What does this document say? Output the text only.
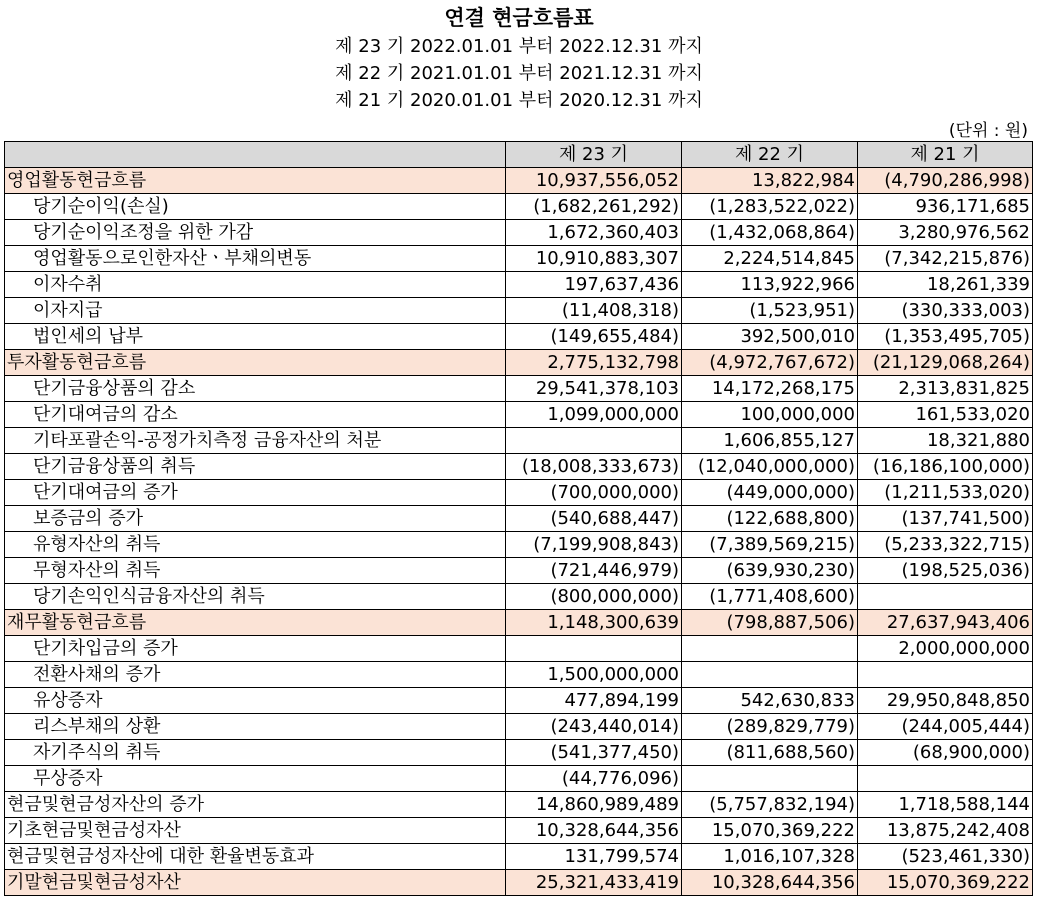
연결 현금흐름표
제 23 기 2022.01.01 부터 2022.12.31 까지
제 22 기 2021.01.01 부터 2021.12.31 까지
제 21 기 2020.01.01 부터 2020.12.31 까지
(단위 : 원)
	제 23 기	제 22 기	제 21 기
영업활동현금흐름	10,937,556,052	13,822,984	(4,790,286,998)
당기순이익(손실)	(1,682,261,292)	(1,283,522,022)	936,171,685
당기순이익조정을 위한 가감	1,672,360,403	(1,432,068,864)	3,280,976,562
영업활동으로인한자산ㆍ부채의변동	10,910,883,307	2,224,514,845	(7,342,215,876)
이자수취	197,637,436	113,922,966	18,261,339
이자지급	(11,408,318)	(1,523,951)	(330,333,003)
법인세의 납부	(149,655,484)	392,500,010	(1,353,495,705)
투자활동현금흐름	2,775,132,798	(4,972,767,672)	(21,129,068,264)
단기금융상품의 감소	29,541,378,103	14,172,268,175	2,313,831,825
단기대여금의 감소	1,099,000,000	100,000,000	161,533,020
기타포괄손익-공정가치측정 금융자산의 처분		1,606,855,127	18,321,880
단기금융상품의 취득	(18,008,333,673)	(12,040,000,000)	(16,186,100,000)
단기대여금의 증가	(700,000,000)	(449,000,000)	(1,211,533,020)
보증금의 증가	(540,688,447)	(122,688,800)	(137,741,500)
유형자산의 취득	(7,199,908,843)	(7,389,569,215)	(5,233,322,715)
무형자산의 취득	(721,446,979)	(639,930,230)	(198,525,036)
당기손익인식금융자산의 취득	(800,000,000)	(1,771,408,600)	
재무활동현금흐름	1,148,300,639	(798,887,506)	27,637,943,406
단기차입금의 증가			2,000,000,000
전환사채의 증가	1,500,000,000		
유상증자	477,894,199	542,630,833	29,950,848,850
리스부채의 상환	(243,440,014)	(289,829,779)	(244,005,444)
자기주식의 취득	(541,377,450)	(811,688,560)	(68,900,000)
무상증자	(44,776,096)		
현금및현금성자산의 증가	14,860,989,489	(5,757,832,194)	1,718,588,144
기초현금및현금성자산	10,328,644,356	15,070,369,222	13,875,242,408
현금및현금성자산에 대한 환율변동효과	131,799,574	1,016,107,328	(523,461,330)
기말현금및현금성자산	25,321,433,419	10,328,644,356	15,070,369,222
